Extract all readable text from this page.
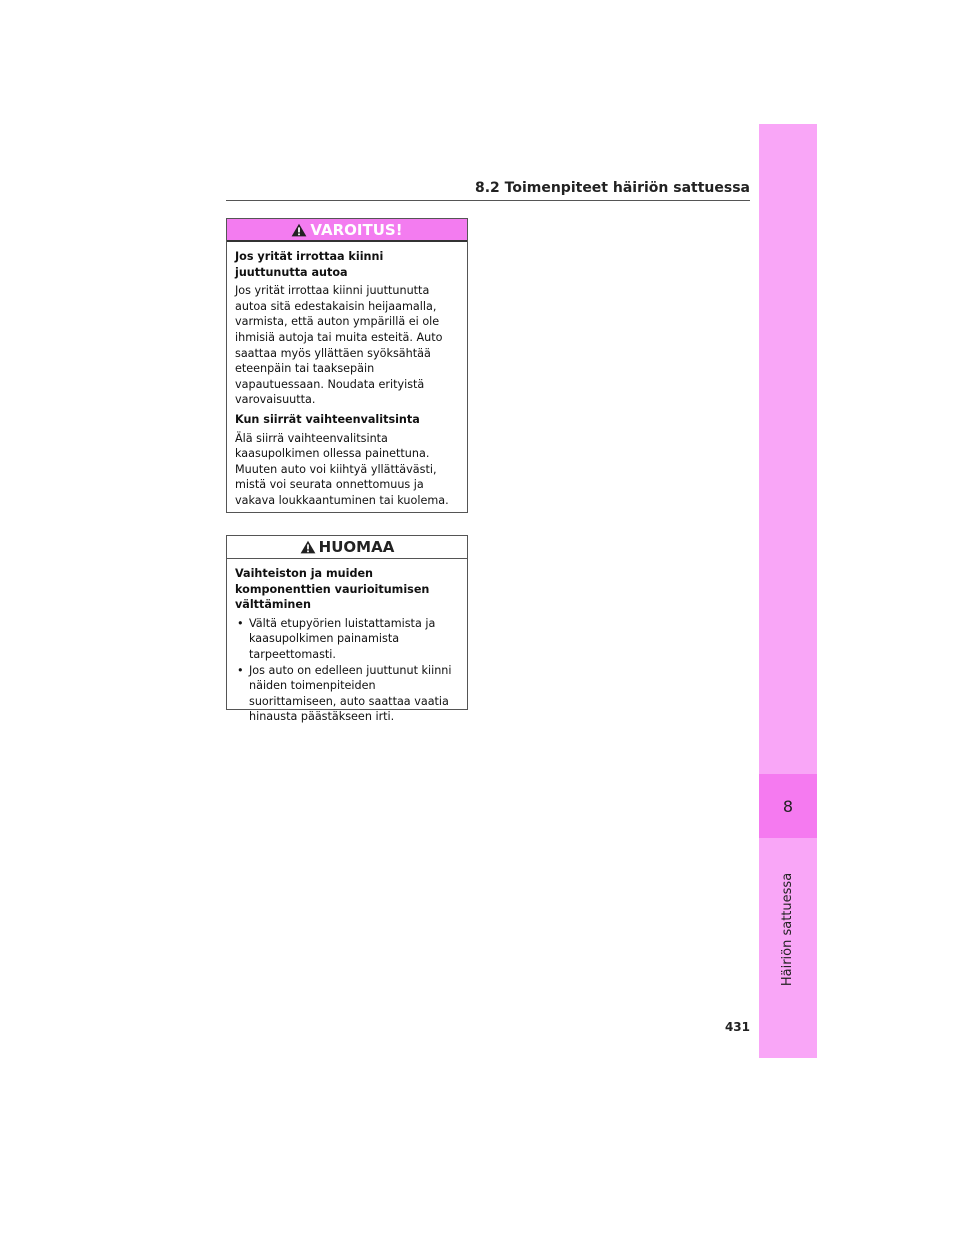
8
Häiriön sattuessa
8.2 Toimenpiteet häiriön sattuessa
VAROITUS!

Jos yrität irrottaa kiinni juuttunutta autoa

Jos yrität irrottaa kiinni juuttunutta autoa sitä edestakaisin heijaamalla, varmista, että auton ympärillä ei ole ihmisiä autoja tai muita esteitä. Auto saattaa myös yllättäen syöksähtää eteenpäin tai taaksepäin vapautuessaan. Noudata erityistä varovaisuutta.

Kun siirrät vaihteenvalitsinta

Älä siirrä vaihteenvalitsinta kaasupolkimen ollessa painettuna. Muuten auto voi kiihtyä yllättävästi, mistä voi seurata onnettomuus ja vakava loukkaantuminen tai kuolema.

HUOMAA

Vaihteiston ja muiden komponenttien vaurioitumisen välttäminen

• Vältä etupyörien luistattamista ja kaasupolkimen painamista tarpeettomasti.
• Jos auto on edelleen juuttunut kiinni näiden toimenpiteiden suorittamiseen, auto saattaa vaatia hinausta päästäkseen irti.
431
